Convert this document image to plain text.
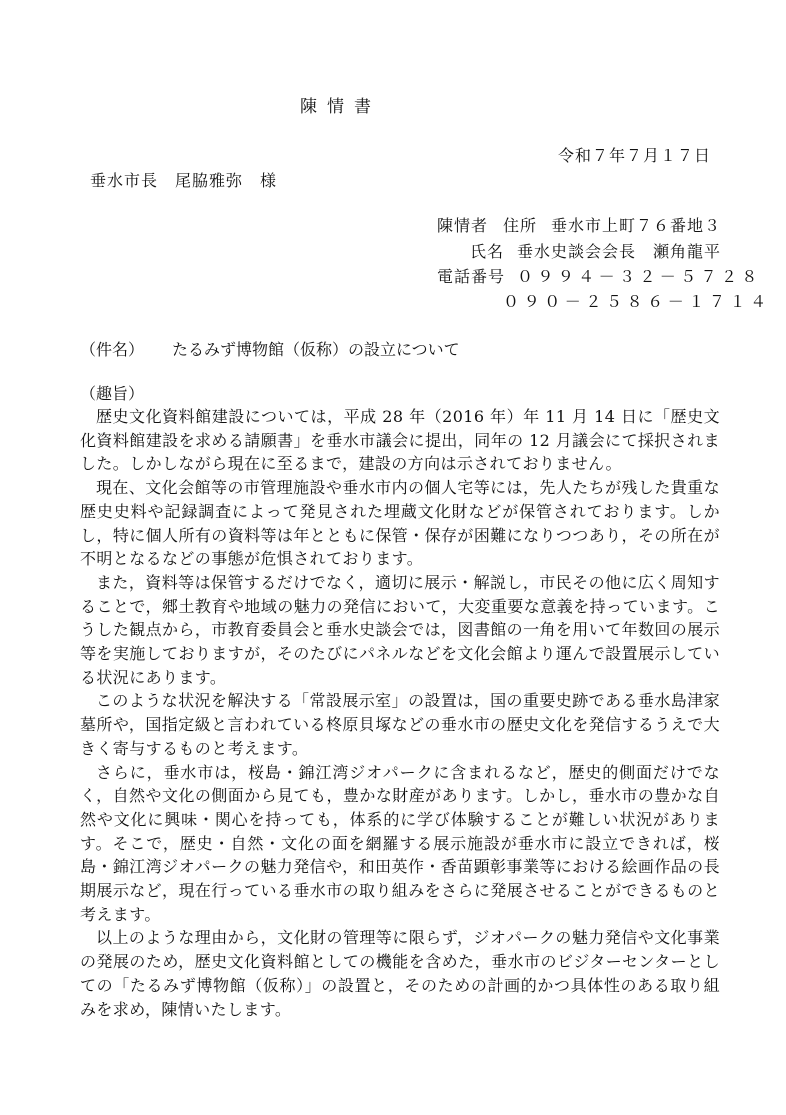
陳情書
令和７年７月１７日
垂水市長　尾脇雅弥　様
陳情者 住所 垂水市上町７６番地３
氏名 垂水史談会会長　瀬角龍平
電話番号 ０９９４－３２－５７２８
０９０－２５８６－１７１４
（件名） たるみず博物館（仮称）の設立について
（趣旨）

歴史文化資料館建設については，平成 28 年（2016 年）年 11 月 14 日に「歴史文化資料館建設を求める請願書」を垂水市議会に提出，同年の 12 月議会にて採択されました。しかしながら現在に至るまで，建設の方向は示されておりません。

現在、文化会館等の市管理施設や垂水市内の個人宅等には，先人たちが残した貴重な歴史史料や記録調査によって発見された埋蔵文化財などが保管されております。しかし，特に個人所有の資料等は年とともに保管・保存が困難になりつつあり，その所在が不明となるなどの事態が危惧されております。

また，資料等は保管するだけでなく，適切に展示・解説し，市民その他に広く周知することで，郷土教育や地域の魅力の発信において，大変重要な意義を持っています。こうした観点から，市教育委員会と垂水史談会では，図書館の一角を用いて年数回の展示等を実施しておりますが，そのたびにパネルなどを文化会館より運んで設置展示している状況にあります。

このような状況を解決する「常設展示室」の設置は，国の重要史跡である垂水島津家墓所や，国指定級と言われている柊原貝塚などの垂水市の歴史文化を発信するうえで大きく寄与するものと考えます。

さらに，垂水市は，桜島・錦江湾ジオパークに含まれるなど，歴史的側面だけでなく，自然や文化の側面から見ても，豊かな財産があります。しかし，垂水市の豊かな自然や文化に興味・関心を持っても，体系的に学び体験することが難しい状況があります。そこで，歴史・自然・文化の面を網羅する展示施設が垂水市に設立できれば，桜島・錦江湾ジオパークの魅力発信や，和田英作・香苗顕彰事業等における絵画作品の長期展示など，現在行っている垂水市の取り組みをさらに発展させることができるものと考えます。

以上のような理由から，文化財の管理等に限らず，ジオパークの魅力発信や文化事業の発展のため，歴史文化資料館としての機能を含めた，垂水市のビジターセンターとしての「たるみず博物館（仮称）」の設置と，そのための計画的かつ具体性のある取り組みを求め，陳情いたします。
